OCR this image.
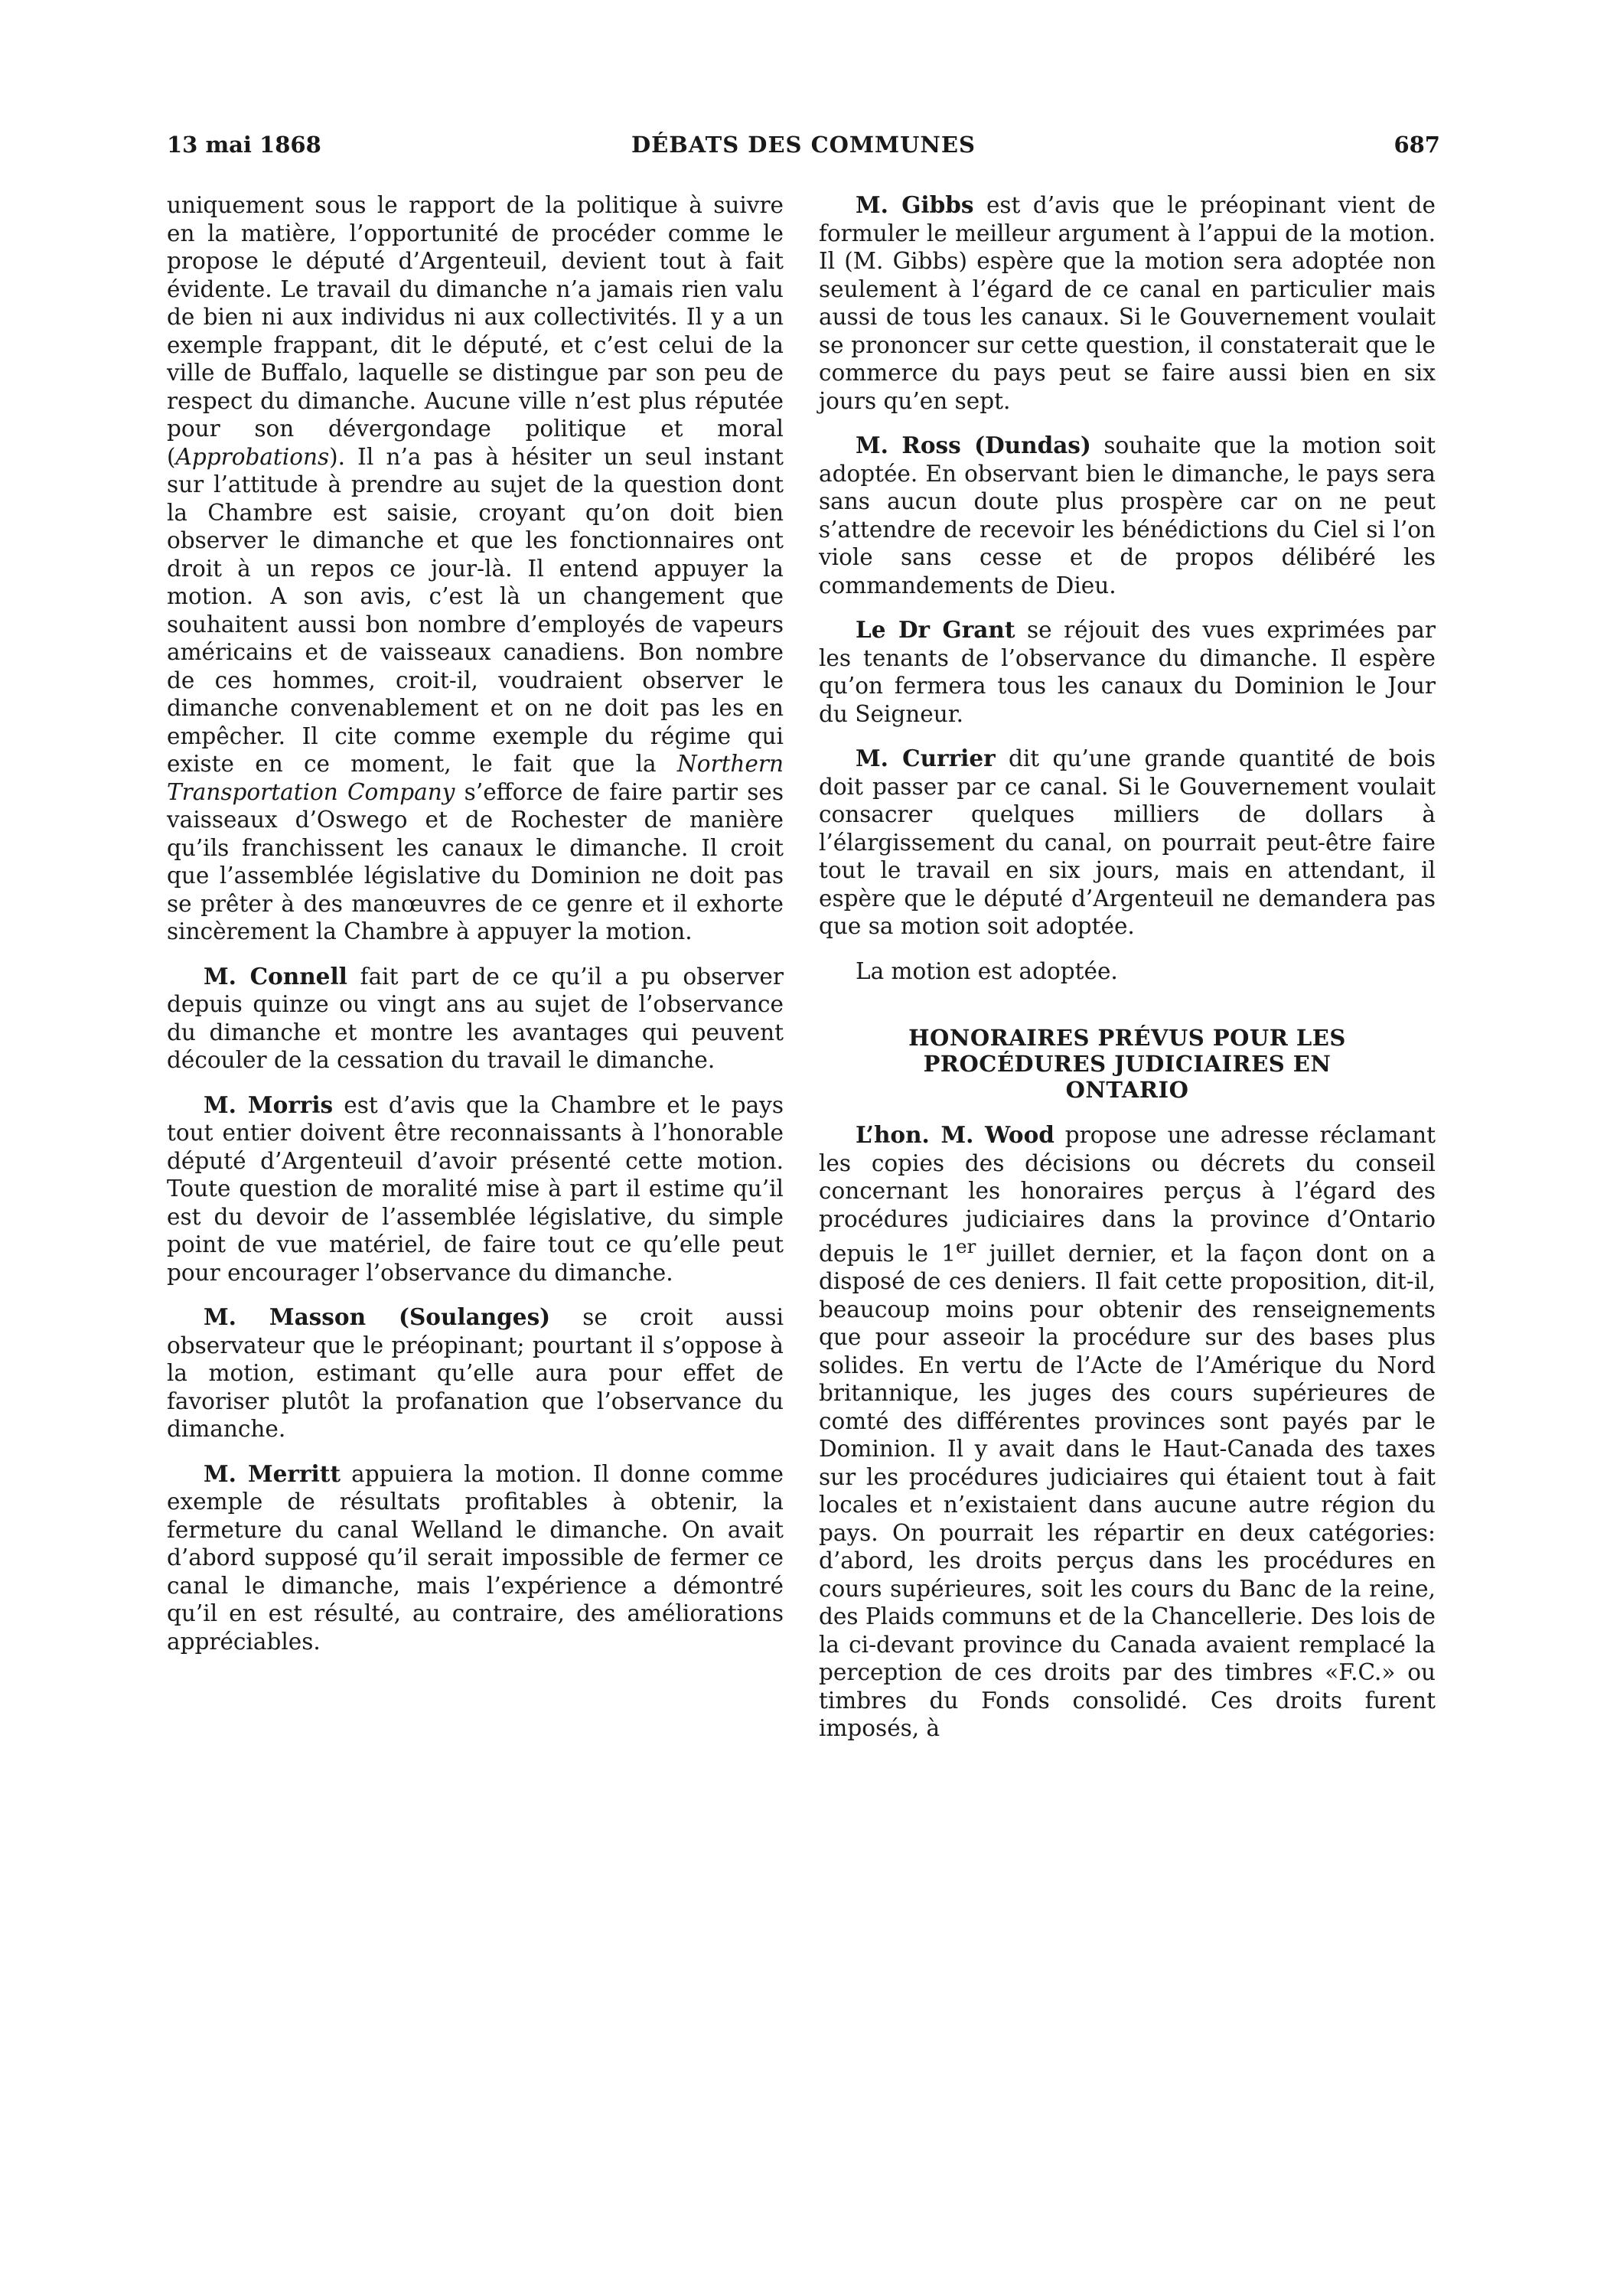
13 mai 1868	DÉBATS DES COMMUNES	687

uniquement sous le rapport de la politique à suivre en la matière, l’opportunité de procéder comme le propose le député d’Argenteuil, devient tout à fait évidente. Le travail du dimanche n’a jamais rien valu de bien ni aux individus ni aux collectivités. Il y a un exemple frappant, dit le député, et c’est celui de la ville de Buffalo, laquelle se distingue par son peu de respect du dimanche. Aucune ville n’est plus réputée pour son dévergondage politique et moral (Approbations). Il n’a pas à hésiter un seul instant sur l’attitude à prendre au sujet de la question dont la Chambre est saisie, croyant qu’on doit bien observer le dimanche et que les fonctionnaires ont droit à un repos ce jour-là. Il entend appuyer la motion. A son avis, c’est là un changement que souhaitent aussi bon nombre d’employés de vapeurs américains et de vaisseaux canadiens. Bon nombre de ces hommes, croit-il, voudraient observer le dimanche convenablement et on ne doit pas les en empêcher. Il cite comme exemple du régime qui existe en ce moment, le fait que la Northern Transportation Company s’efforce de faire partir ses vaisseaux d’Oswego et de Rochester de manière qu’ils franchissent les canaux le dimanche. Il croit que l’assemblée législative du Dominion ne doit pas se prêter à des manœuvres de ce genre et il exhorte sincèrement la Chambre à appuyer la motion.

M. Connell fait part de ce qu’il a pu observer depuis quinze ou vingt ans au sujet de l’observance du dimanche et montre les avantages qui peuvent découler de la cessation du travail le dimanche.

M. Morris est d’avis que la Chambre et le pays tout entier doivent être reconnaissants à l’honorable député d’Argenteuil d’avoir présenté cette motion. Toute question de moralité mise à part il estime qu’il est du devoir de l’assemblée législative, du simple point de vue matériel, de faire tout ce qu’elle peut pour encourager l’observance du dimanche.

M. Masson (Soulanges) se croit aussi observateur que le préopinant; pourtant il s’oppose à la motion, estimant qu’elle aura pour effet de favoriser plutôt la profanation que l’observance du dimanche.

M. Merritt appuiera la motion. Il donne comme exemple de résultats profitables à obtenir, la fermeture du canal Welland le dimanche. On avait d’abord supposé qu’il serait impossible de fermer ce canal le dimanche, mais l’expérience a démontré qu’il en est résulté, au contraire, des améliorations appréciables.

M. Gibbs est d’avis que le préopinant vient de formuler le meilleur argument à l’appui de la motion. Il (M. Gibbs) espère que la motion sera adoptée non seulement à l’égard de ce canal en particulier mais aussi de tous les canaux. Si le Gouvernement voulait se prononcer sur cette question, il constaterait que le commerce du pays peut se faire aussi bien en six jours qu’en sept.

M. Ross (Dundas) souhaite que la motion soit adoptée. En observant bien le dimanche, le pays sera sans aucun doute plus prospère car on ne peut s’attendre de recevoir les bénédictions du Ciel si l’on viole sans cesse et de propos délibéré les commandements de Dieu.

Le Dr Grant se réjouit des vues exprimées par les tenants de l’observance du dimanche. Il espère qu’on fermera tous les canaux du Dominion le Jour du Seigneur.

M. Currier dit qu’une grande quantité de bois doit passer par ce canal. Si le Gouvernement voulait consacrer quelques milliers de dollars à l’élargissement du canal, on pourrait peut-être faire tout le travail en six jours, mais en attendant, il espère que le député d’Argenteuil ne demandera pas que sa motion soit adoptée.

La motion est adoptée.

HONORAIRES PRÉVUS POUR LES
PROCÉDURES JUDICIAIRES EN
ONTARIO

L’hon. M. Wood propose une adresse réclamant les copies des décisions ou décrets du conseil concernant les honoraires perçus à l’égard des procédures judiciaires dans la province d’Ontario depuis le 1er juillet dernier, et la façon dont on a disposé de ces deniers. Il fait cette proposition, dit-il, beaucoup moins pour obtenir des renseignements que pour asseoir la procédure sur des bases plus solides. En vertu de l’Acte de l’Amérique du Nord britannique, les juges des cours supérieures de comté des différentes provinces sont payés par le Dominion. Il y avait dans le Haut-Canada des taxes sur les procédures judiciaires qui étaient tout à fait locales et n’existaient dans aucune autre région du pays. On pourrait les répartir en deux catégories: d’abord, les droits perçus dans les procédures en cours supérieures, soit les cours du Banc de la reine, des Plaids communs et de la Chancellerie. Des lois de la ci-devant province du Canada avaient remplacé la perception de ces droits par des timbres «F.C.» ou timbres du Fonds consolidé. Ces droits furent imposés, à
